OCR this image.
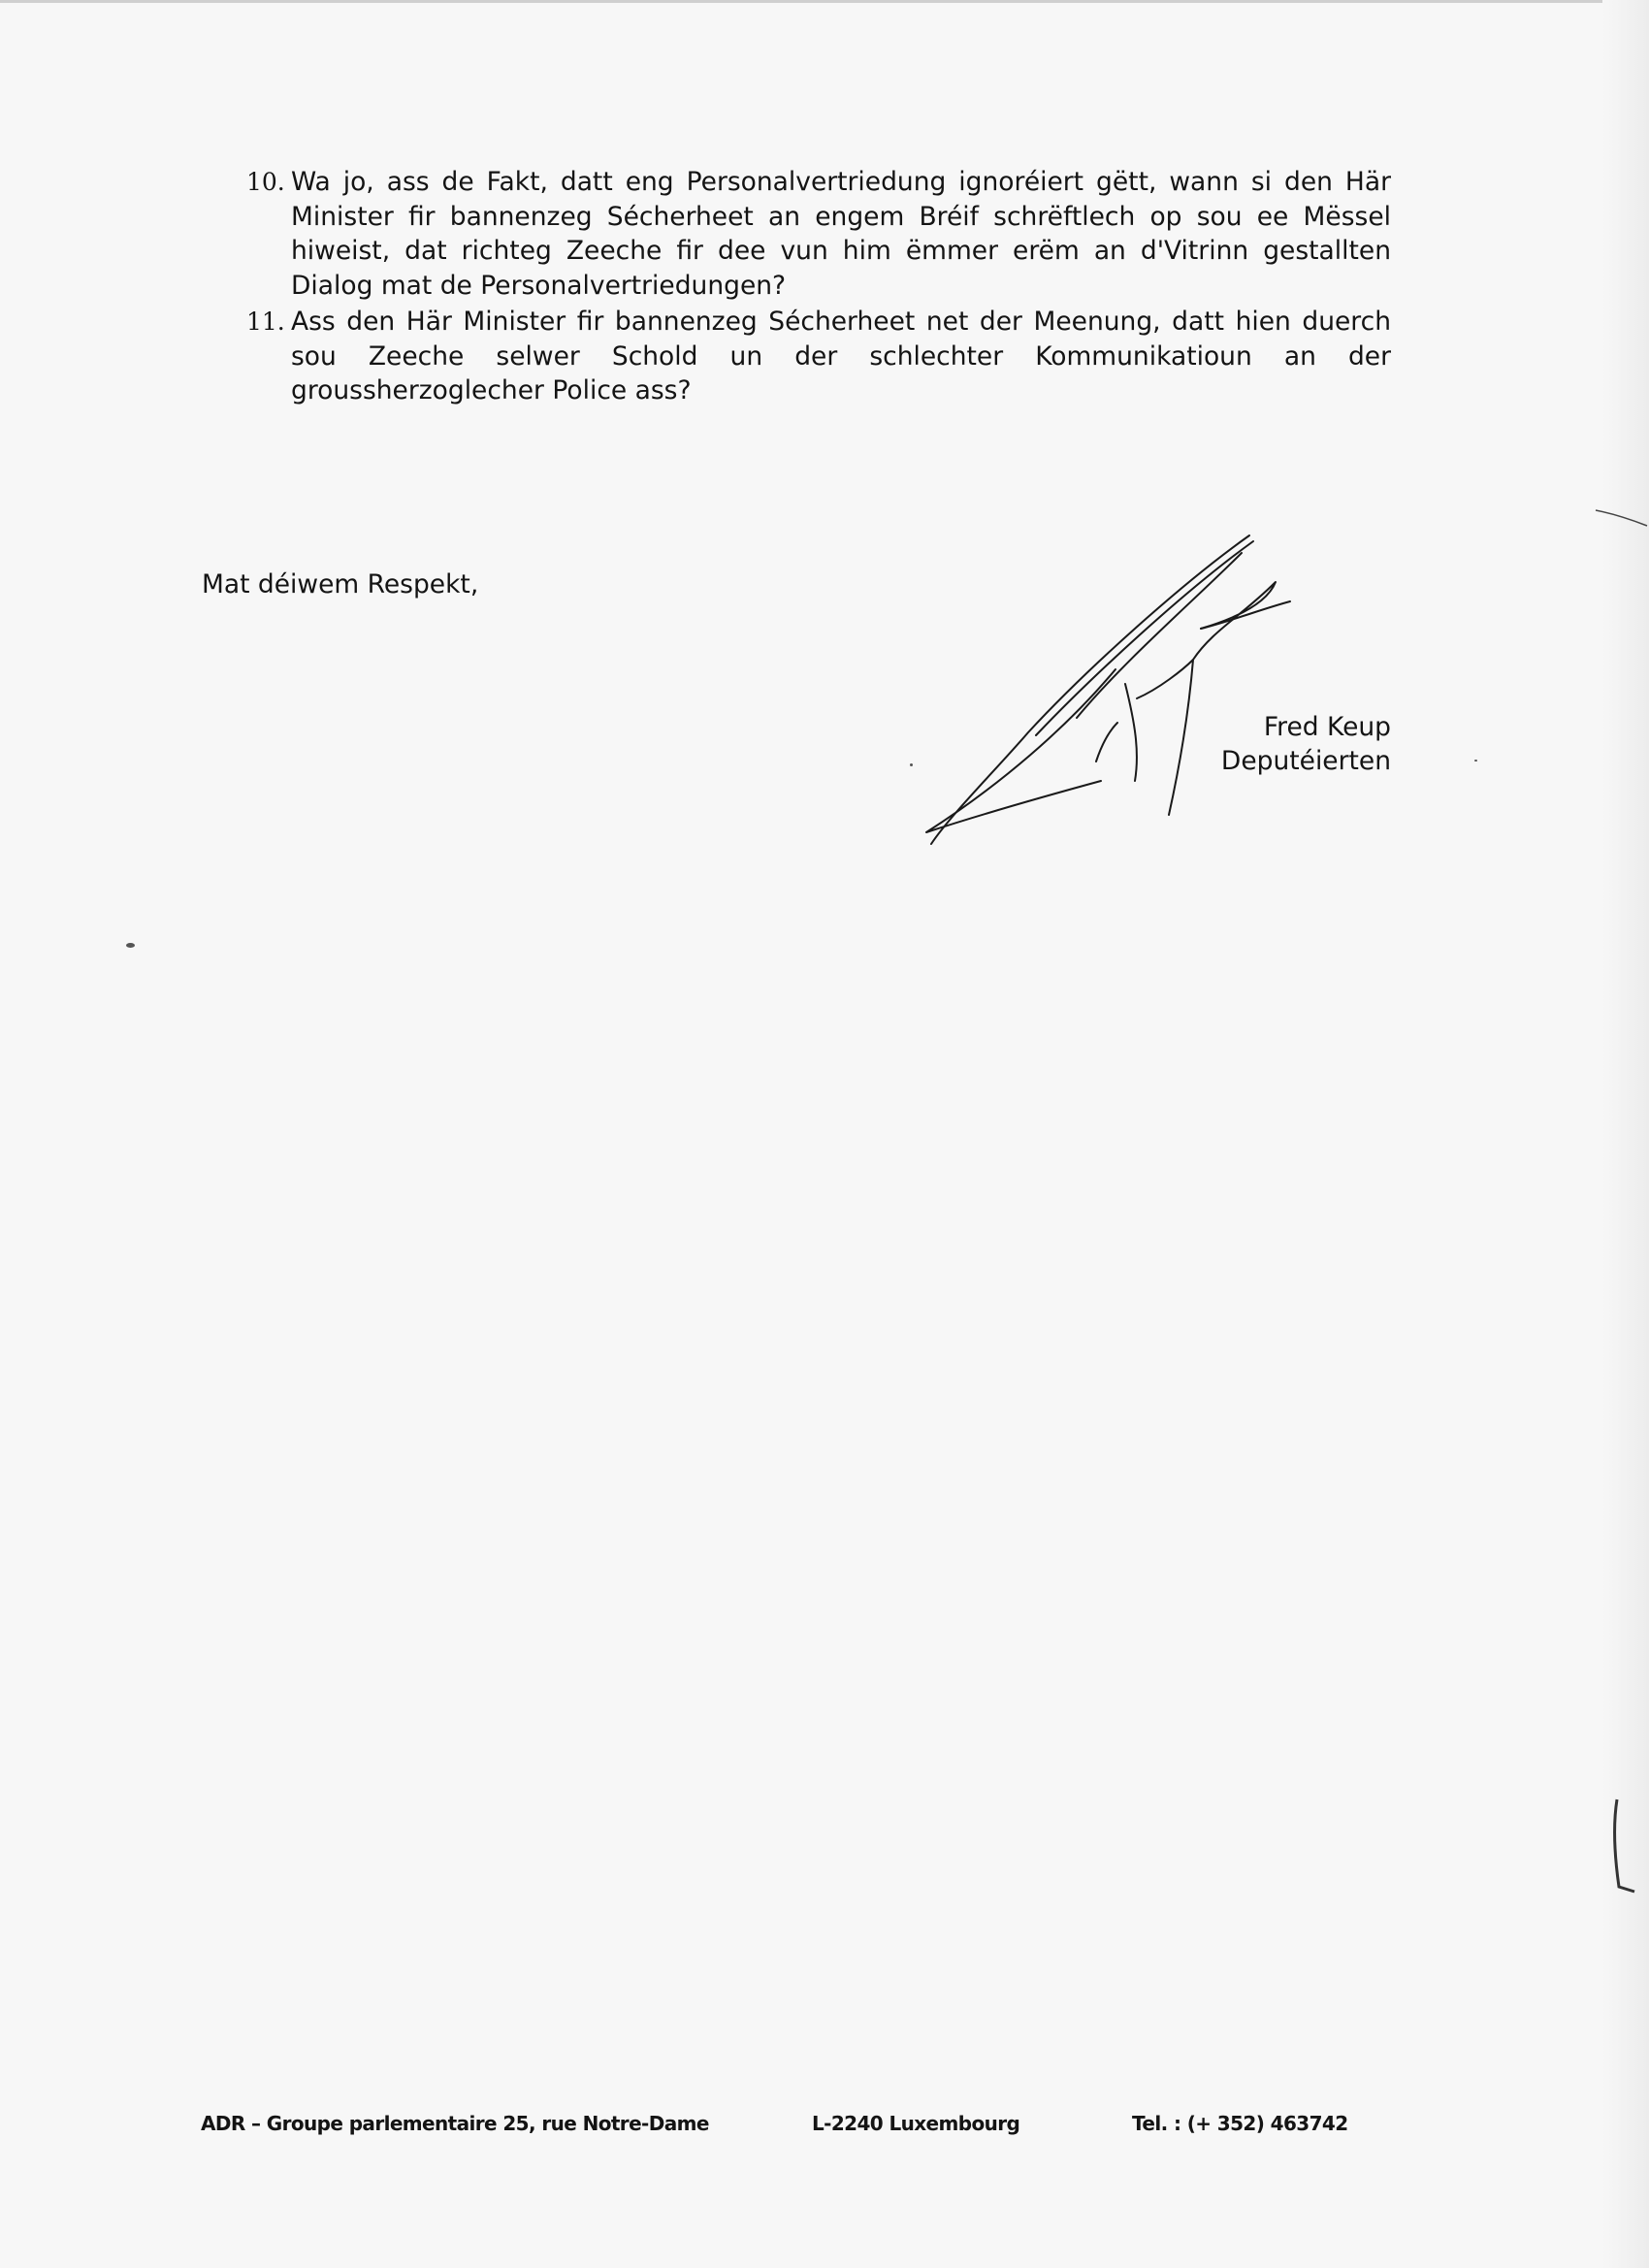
10. Wa jo, ass de Fakt, datt eng Personalvertriedung ignoréiert gëtt, wann si den Här Minister fir bannenzeg Sécherheet an engem Bréif schrëftlech op sou ee Mëssel hiweist, dat richteg Zeeche fir dee vun him ëmmer erëm an d'Vitrinn gestallten Dialog mat de Personalvertriedungen?
11. Ass den Här Minister fir bannenzeg Sécherheet net der Meenung, datt hien duerch sou Zeeche selwer Schold un der schlechter Kommunikatioun an der groussherzoglecher Police ass?
Mat déiwem Respekt,
Fred Keup
Deputéierten
ADR – Groupe parlementaire 25, rue Notre-Dame	L-2240 Luxembourg	Tel. : (+ 352) 463742
